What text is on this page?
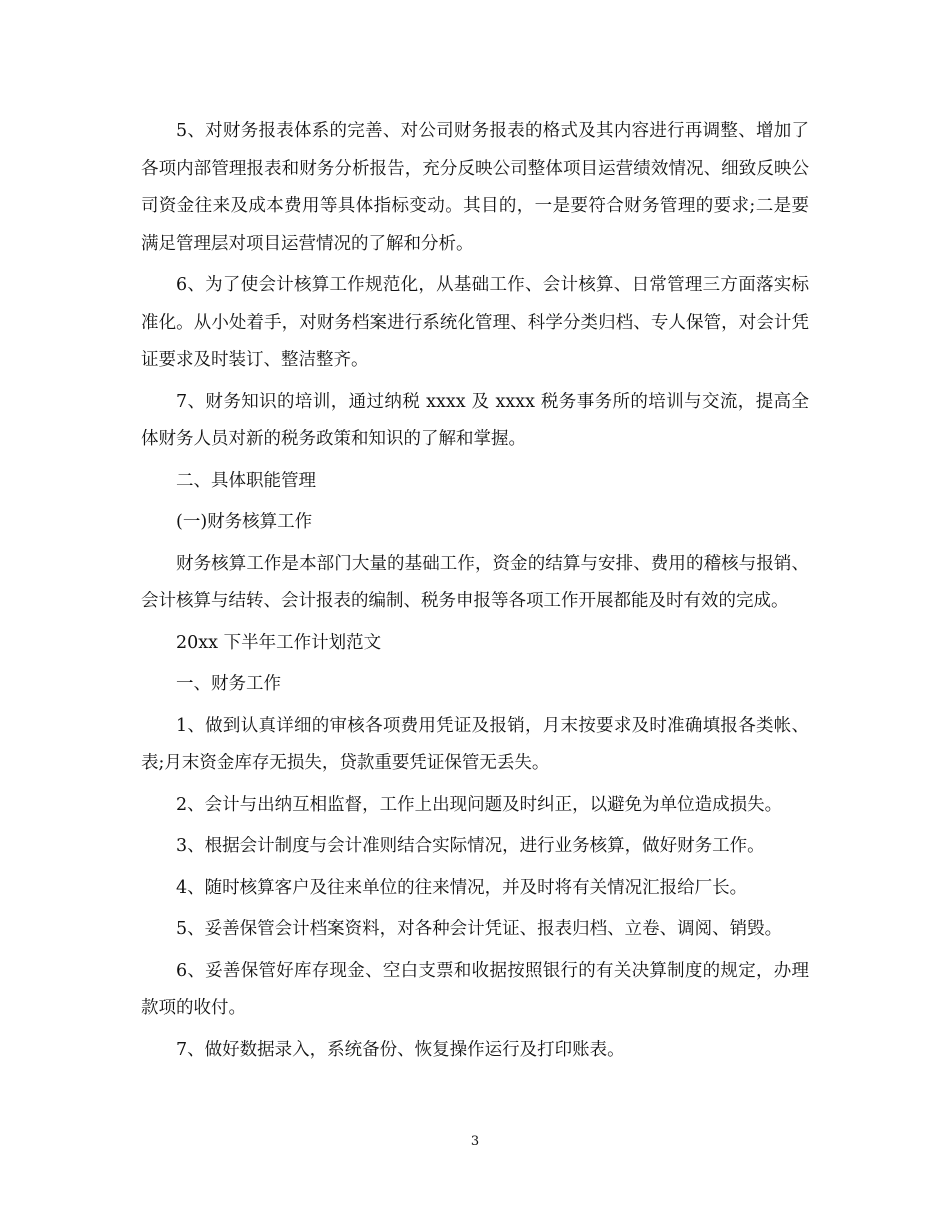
5、对财务报表体系的完善、对公司财务报表的格式及其内容进行再调整、增加了各项内部管理报表和财务分析报告，充分反映公司整体项目运营绩效情况、细致反映公司资金往来及成本费用等具体指标变动。其目的，一是要符合财务管理的要求;二是要满足管理层对项目运营情况的了解和分析。

6、为了使会计核算工作规范化，从基础工作、会计核算、日常管理三方面落实标准化。从小处着手，对财务档案进行系统化管理、科学分类归档、专人保管，对会计凭证要求及时装订、整洁整齐。

7、财务知识的培训，通过纳税 xxxx 及 xxxx 税务事务所的培训与交流，提高全体财务人员对新的税务政策和知识的了解和掌握。

二、具体职能管理

(一)财务核算工作

财务核算工作是本部门大量的基础工作，资金的结算与安排、费用的稽核与报销、会计核算与结转、会计报表的编制、税务申报等各项工作开展都能及时有效的完成。

20xx 下半年工作计划范文

一、财务工作

1、做到认真详细的审核各项费用凭证及报销，月末按要求及时准确填报各类帐、表;月末资金库存无损失，贷款重要凭证保管无丢失。

2、会计与出纳互相监督，工作上出现问题及时纠正，以避免为单位造成损失。

3、根据会计制度与会计准则结合实际情况，进行业务核算，做好财务工作。

4、随时核算客户及往来单位的往来情况，并及时将有关情况汇报给厂长。

5、妥善保管会计档案资料，对各种会计凭证、报表归档、立卷、调阅、销毁。

6、妥善保管好库存现金、空白支票和收据按照银行的有关决算制度的规定，办理款项的收付。

7、做好数据录入，系统备份、恢复操作运行及打印账表。

3
